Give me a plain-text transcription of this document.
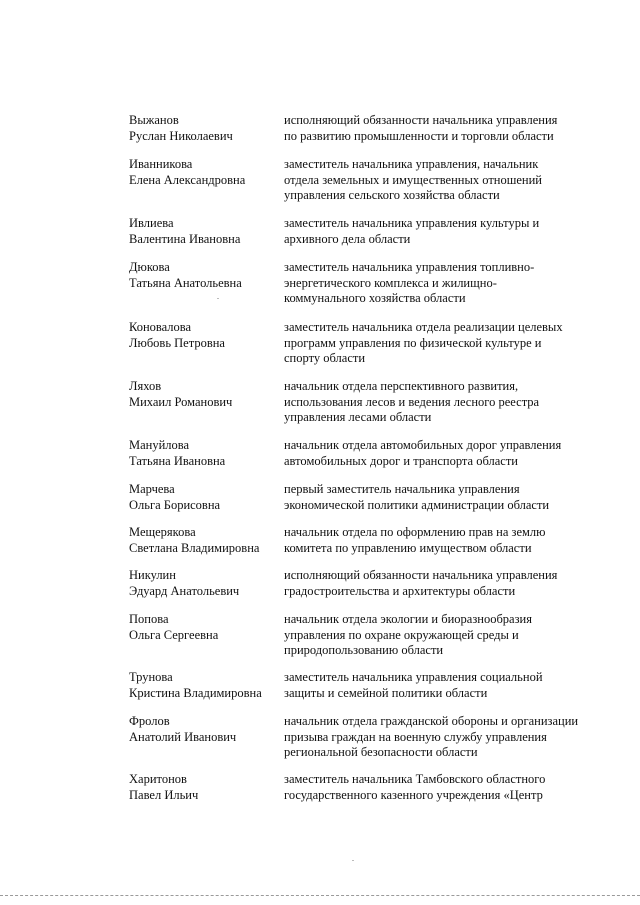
Выжанов
Руслан Николаевич
исполняющий обязанности начальника управления
по развитию промышленности и торговли области
Иванникова
Елена Александровна
заместитель начальника управления, начальник
отдела земельных и имущественных отношений
управления сельского хозяйства области
Ивлиева
Валентина Ивановна
заместитель начальника управления культуры и
архивного дела области
Дюкова
Татьяна Анатольевна
заместитель начальника управления топливно-
энергетического комплекса и жилищно-
коммунального хозяйства области
Коновалова
Любовь Петровна
заместитель начальника отдела реализации целевых
программ управления по физической культуре и
спорту области
Ляхов
Михаил Романович
начальник отдела перспективного развития,
использования лесов и ведения лесного реестра
управления лесами области
Мануйлова
Татьяна Ивановна
начальник отдела автомобильных дорог управления
автомобильных дорог и транспорта области
Марчева
Ольга Борисовна
первый заместитель начальника управления
экономической политики администрации области
Мещерякова
Светлана Владимировна
начальник отдела по оформлению прав на землю
комитета по управлению имуществом области
Никулин
Эдуард Анатольевич
исполняющий обязанности начальника управления
градостроительства и архитектуры области
Попова
Ольга Сергеевна
начальник отдела экологии и биоразнообразия
управления по охране окружающей среды и
природопользованию области
Трунова
Кристина Владимировна
заместитель начальника управления социальной
защиты и семейной политики области
Фролов
Анатолий Иванович
начальник отдела гражданской обороны и организации
призыва граждан на военную службу управления
региональной безопасности области
Харитонов
Павел Ильич
заместитель начальника Тамбовского областного
государственного казенного учреждения «Центр
